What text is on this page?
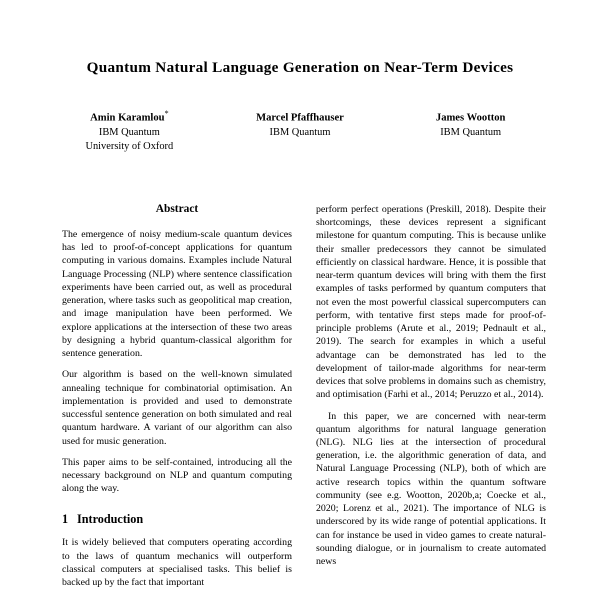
Quantum Natural Language Generation on Near-Term Devices
Amin Karamlou*
IBM Quantum
University of Oxford
Marcel Pfaffhauser
IBM Quantum
James Wootton
IBM Quantum
Abstract

The emergence of noisy medium-scale quantum devices has led to proof-of-concept applications for quantum computing in various domains. Examples include Natural Language Processing (NLP) where sentence classification experiments have been carried out, as well as procedural generation, where tasks such as geopolitical map creation, and image manipulation have been performed. We explore applications at the intersection of these two areas by designing a hybrid quantum-classical algorithm for sentence generation.

Our algorithm is based on the well-known simulated annealing technique for combinatorial optimisation. An implementation is provided and used to demonstrate successful sentence generation on both simulated and real quantum hardware. A variant of our algorithm can also used for music generation.

This paper aims to be self-contained, introducing all the necessary background on NLP and quantum computing along the way.

1 Introduction

It is widely believed that computers operating according to the laws of quantum mechanics will outperform classical computers at specialised tasks. This belief is backed up by the fact that important

perform perfect operations (Preskill, 2018). Despite their shortcomings, these devices represent a significant milestone for quantum computing. This is because unlike their smaller predecessors they cannot be simulated efficiently on classical hardware. Hence, it is possible that near-term quantum devices will bring with them the first examples of tasks performed by quantum computers that not even the most powerful classical supercomputers can perform, with tentative first steps made for proof-of-principle problems (Arute et al., 2019; Pednault et al., 2019). The search for examples in which a useful advantage can be demonstrated has led to the development of tailor-made algorithms for near-term devices that solve problems in domains such as chemistry, and optimisation (Farhi et al., 2014; Peruzzo et al., 2014).

In this paper, we are concerned with near-term quantum algorithms for natural language generation (NLG). NLG lies at the intersection of procedural generation, i.e. the algorithmic generation of data, and Natural Language Processing (NLP), both of which are active research topics within the quantum software community (see e.g. Wootton, 2020b,a; Coecke et al., 2020; Lorenz et al., 2021). The importance of NLG is underscored by its wide range of potential applications. It can for instance be used in video games to create natural-sounding dialogue, or in journalism to create automated news
